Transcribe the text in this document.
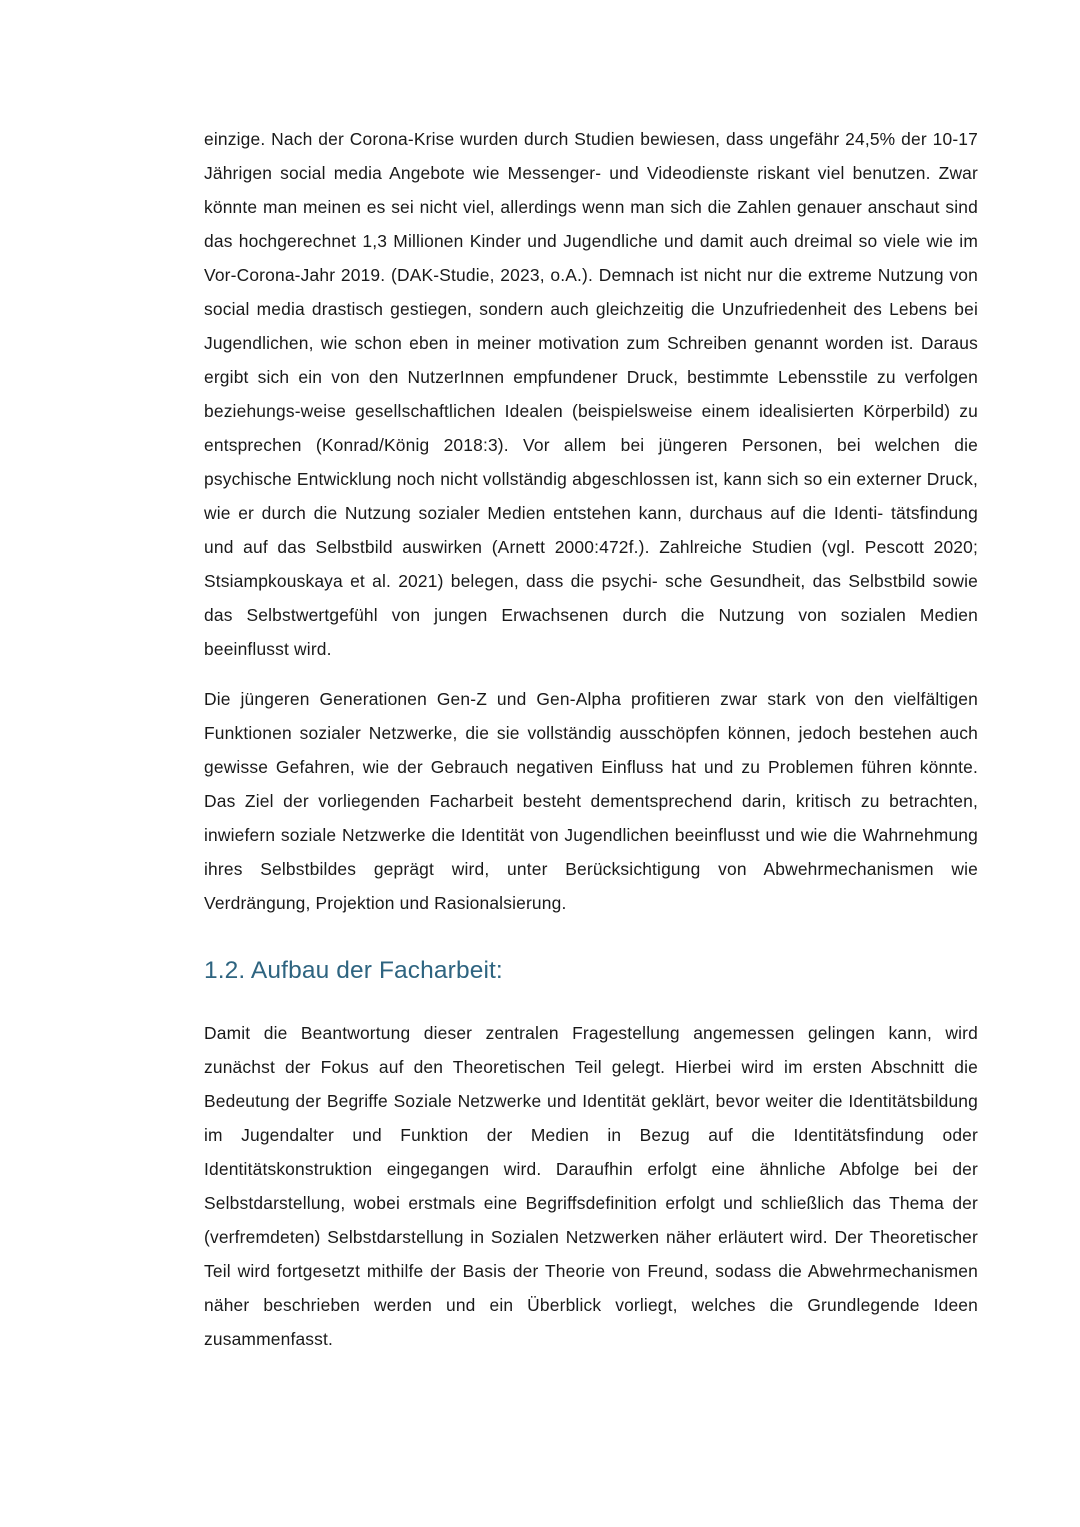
einzige. Nach der Corona-Krise wurden durch Studien bewiesen, dass ungefähr 24,5% der 10-17 Jährigen social media Angebote wie Messenger- und Videodienste riskant viel benutzen. Zwar könnte man meinen es sei nicht viel, allerdings wenn man sich die Zahlen genauer anschaut sind das hochgerechnet 1,3 Millionen Kinder und Jugendliche und damit auch dreimal so viele wie im Vor-Corona-Jahr 2019. (DAK-Studie, 2023, o.A.). Demnach ist nicht nur die extreme Nutzung von social media drastisch gestiegen, sondern auch gleichzeitig die Unzufriedenheit des Lebens bei Jugendlichen, wie schon eben in meiner motivation zum Schreiben genannt worden ist. Daraus ergibt sich ein von den NutzerInnen empfundener Druck, bestimmte Lebensstile zu verfolgen beziehungs-weise gesellschaftlichen Idealen (beispielsweise einem idealisierten Körperbild) zu entsprechen (Konrad/König 2018:3). Vor allem bei jüngeren Personen, bei welchen die psychische Entwicklung noch nicht vollständig abgeschlossen ist, kann sich so ein externer Druck, wie er durch die Nutzung sozialer Medien entstehen kann, durchaus auf die Identi- tätsfindung und auf das Selbstbild auswirken (Arnett 2000:472f.). Zahlreiche Studien (vgl. Pescott 2020; Stsiampkouskaya et al. 2021) belegen, dass die psychi- sche Gesundheit, das Selbstbild sowie das Selbstwertgefühl von jungen Erwachsenen durch die Nutzung von sozialen Medien beeinflusst wird.

Die jüngeren Generationen Gen-Z und Gen-Alpha profitieren zwar stark von den vielfältigen Funktionen sozialer Netzwerke, die sie vollständig ausschöpfen können, jedoch bestehen auch gewisse Gefahren, wie der Gebrauch negativen Einfluss hat und zu Problemen führen könnte. Das Ziel der vorliegenden Facharbeit besteht dementsprechend darin, kritisch zu betrachten, inwiefern soziale Netzwerke die Identität von Jugendlichen beeinflusst und wie die Wahrnehmung ihres Selbstbildes geprägt wird, unter Berücksichtigung von Abwehrmechanismen wie Verdrängung, Projektion und Rasionalsierung.

1.2. Aufbau der Facharbeit:

Damit die Beantwortung dieser zentralen Fragestellung angemessen gelingen kann, wird zunächst der Fokus auf den Theoretischen Teil gelegt. Hierbei wird im ersten Abschnitt die Bedeutung der Begriffe Soziale Netzwerke und Identität geklärt, bevor weiter die Identitätsbildung im Jugendalter und Funktion der Medien in Bezug auf die Identitätsfindung oder Identitätskonstruktion eingegangen wird. Daraufhin erfolgt eine ähnliche Abfolge bei der Selbstdarstellung, wobei erstmals eine Begriffsdefinition erfolgt und schließlich das Thema der (verfremdeten) Selbstdarstellung in Sozialen Netzwerken näher erläutert wird. Der Theoretischer Teil wird fortgesetzt mithilfe der Basis der Theorie von Freund, sodass die Abwehrmechanismen näher beschrieben werden und ein Überblick vorliegt, welches die Grundlegende Ideen zusammenfasst.
